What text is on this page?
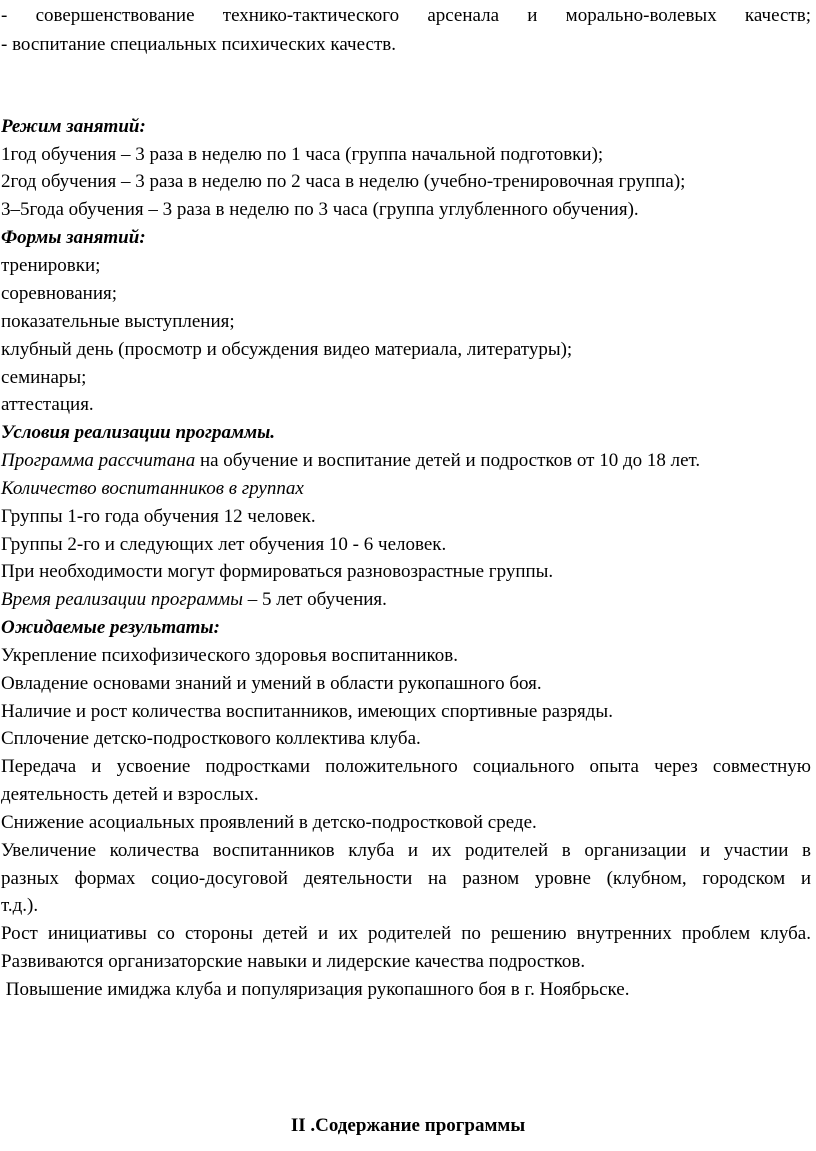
- совершенствование технико-тактического арсенала и морально-волевых качеств;
- воспитание специальных психических качеств.
Режим занятий:
1год обучения – 3 раза в неделю по 1 часа (группа начальной подготовки);
2год обучения – 3 раза в неделю по 2 часа в неделю (учебно-тренировочная группа);
3–5года обучения – 3 раза в неделю по 3 часа (группа углубленного обучения).
Формы занятий:
тренировки;
соревнования;
показательные выступления;
клубный день (просмотр и обсуждения видео материала, литературы);
семинары;
аттестация.
Условия реализации программы.
Программа рассчитана на обучение и воспитание детей и подростков от 10 до 18 лет.
Количество воспитанников в группах
Группы 1-го года обучения 12 человек.
Группы 2-го и следующих лет обучения 10 - 6 человек.
При необходимости могут формироваться разновозрастные группы.
Время реализации программы – 5 лет обучения.
Ожидаемые результаты:
Укрепление психофизического здоровья воспитанников.
Овладение основами знаний и умений в области рукопашного боя.
Наличие и рост количества воспитанников, имеющих спортивные разряды.
Сплочение детско-подросткового коллектива клуба.
Передача и усвоение подростками положительного социального опыта через совместную
деятельность детей и взрослых.
Снижение асоциальных проявлений в детско-подростковой среде.
Увеличение количества воспитанников клуба и их родителей в организации и участии в
разных формах социо-досуговой деятельности на разном уровне (клубном, городском и
т.д.).
Рост инициативы со стороны детей и их родителей по решению внутренних проблем клуба.
Развиваются организаторские навыки и лидерские качества подростков.
Повышение имиджа клуба и популяризация рукопашного боя в г. Ноябрьске.
ІІ .Содержание программы
